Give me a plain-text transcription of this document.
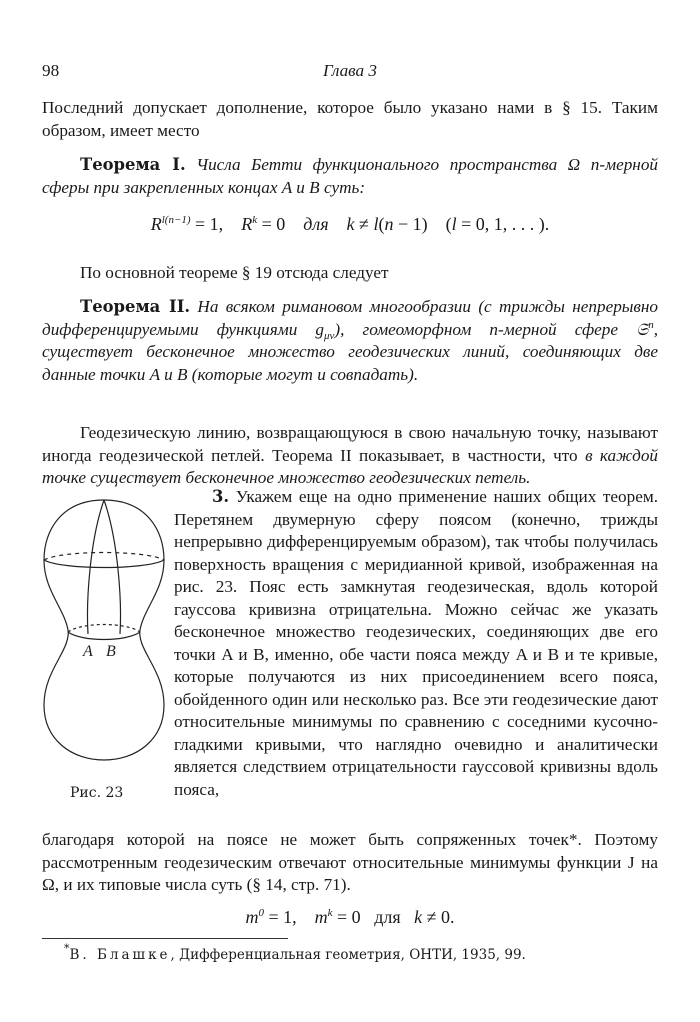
98	Глава 3
Последний допускает дополнение, которое было указано нами в § 15. Таким образом, имеет место
Теорема I. Числа Бетти функционального пространства Ω n-мерной сферы при закрепленных концах A и B суть:
$R^{l(n-1)} = 1$,    $R^k = 0$    для    k ≠ l(n − 1) (l = 0, 1, . . . ).
По основной теореме § 19 отсюда следует
Теорема II. На всяком римановом многообразии (с трижды непрерывно дифференцируемыми функциями $g_{\mu\nu}$), гомеоморфном n-мерной сфере 𝔖$^n$, существует бесконечное множество геодезических линий, соединяющих две данные точки A и B (которые могут и совпадать).
Геодезическую линию, возвращающуюся в свою начальную точку, называют иногда геодезической петлей. Теорема II показывает, в частности, что в каждой точке существует бесконечное множество геодезических петель.
A B
Рис. 23
3. Укажем еще на одно применение наших общих теорем. Перетянем двумерную сферу поясом (конечно, трижды непрерывно дифференцируемым образом), так чтобы получилась поверхность вращения с меридианной кривой, изображенная на рис. 23. Пояс есть замкнутая геодезическая, вдоль которой гауссова кривизна отрицательна. Можно сейчас же указать бесконечное множество геодезических, соединяющих две его точки A и B, именно, обе части пояса между A и B и те кривые, которые получаются из них присоединением всего пояса, обойденного один или несколько раз. Все эти геодезические дают относительные минимумы по сравнению с соседними кусочно-гладкими кривыми, что наглядно очевидно и аналитически является следствием отрицательности гауссовой кривизны вдоль пояса,
благодаря которой на поясе не может быть сопряженных точек*. Поэтому рассмотренным геодезическим отвечают относительные минимумы функции J на Ω, и их типовые числа суть (§ 14, стр. 71).
$m^0 = 1$,    $m^k = 0$ для   k ≠ 0.
*В. Блашке, Дифференциальная геометрия, ОНТИ, 1935, 99.
